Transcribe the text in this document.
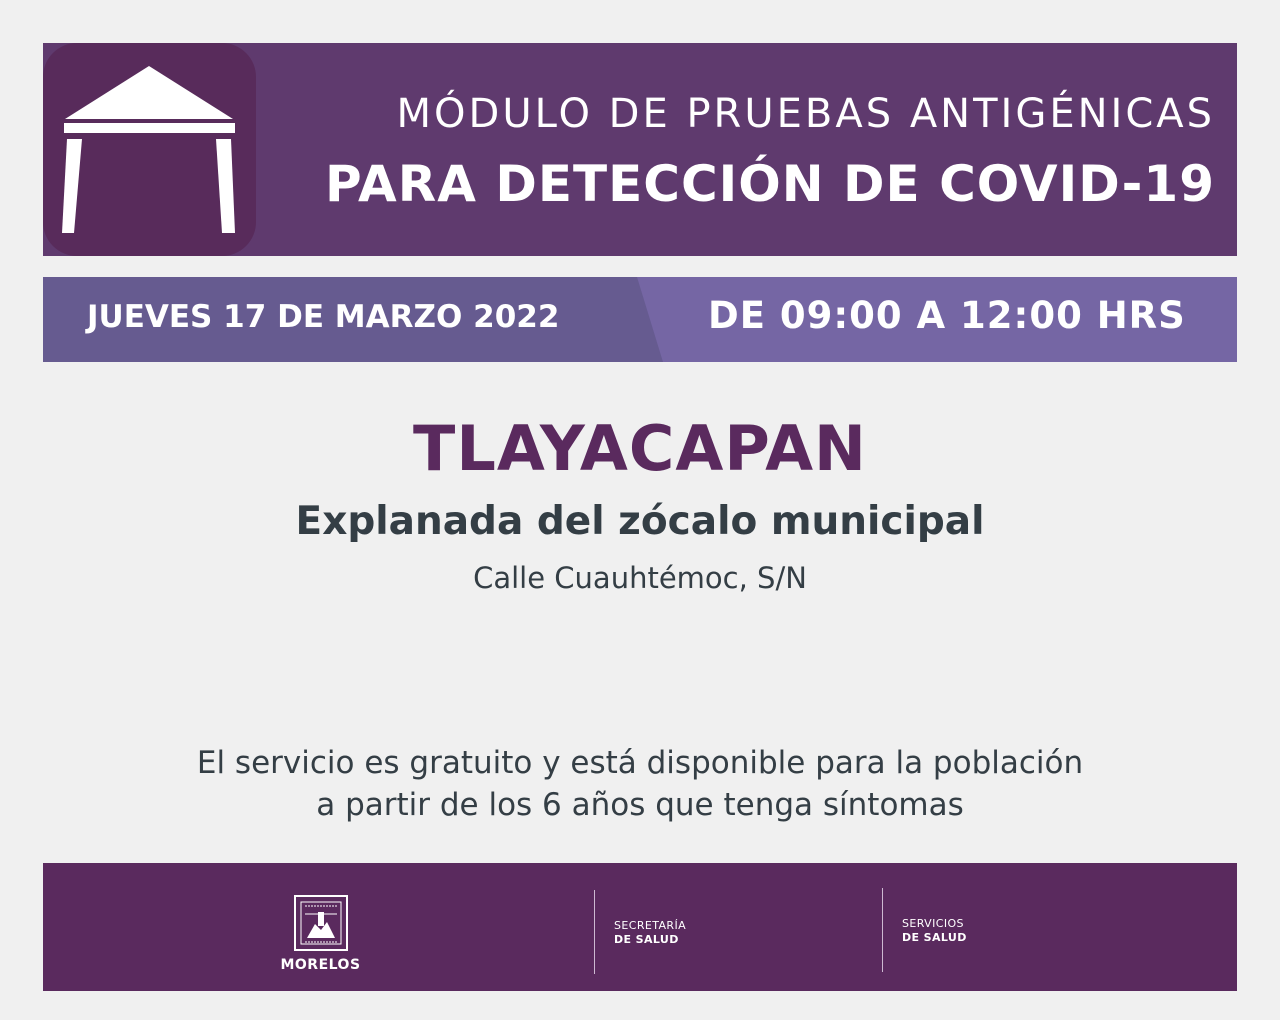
MÓDULO DE PRUEBAS ANTIGÉNICAS
PARA DETECCIÓN DE COVID-19
JUEVES 17 DE MARZO 2022	DE 09:00 A 12:00 HRS
TLAYACAPAN
Explanada del zócalo municipal
Calle Cuauhtémoc, S/N
El servicio es gratuito y está disponible para la población
a partir de los 6 años que tenga síntomas
MORELOS
SECRETARÍA
DE SALUD
SERVICIOS
DE SALUD
